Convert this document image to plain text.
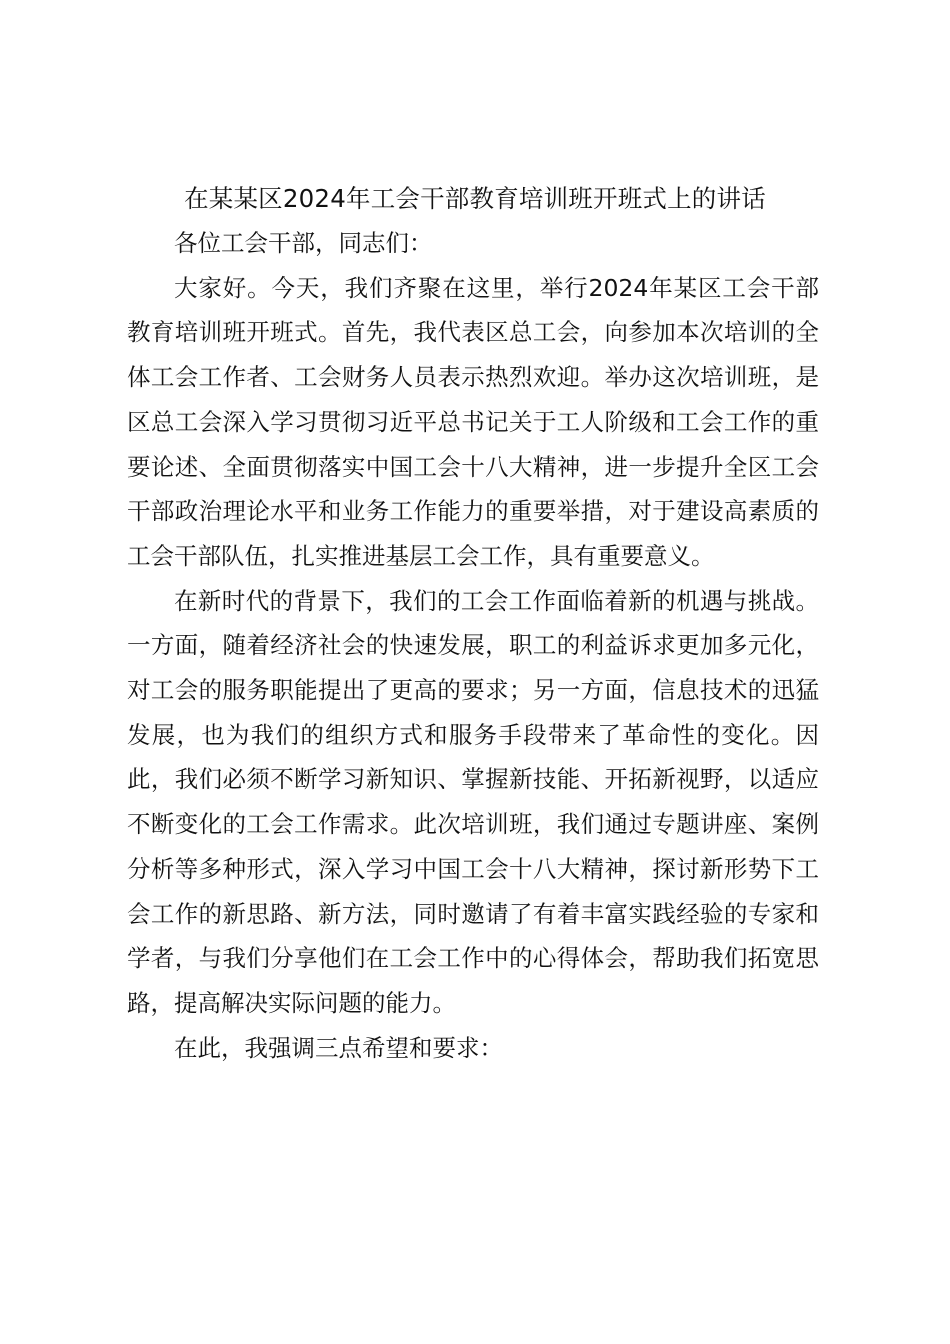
在某某区2024年工会干部教育培训班开班式上的讲话

各位工会干部，同志们：

大家好。今天，我们齐聚在这里，举行2024年某区工会干部教育培训班开班式。首先，我代表区总工会，向参加本次培训的全体工会工作者、工会财务人员表示热烈欢迎。举办这次培训班，是区总工会深入学习贯彻习近平总书记关于工人阶级和工会工作的重要论述、全面贯彻落实中国工会十八大精神，进一步提升全区工会干部政治理论水平和业务工作能力的重要举措，对于建设高素质的工会干部队伍，扎实推进基层工会工作，具有重要意义。

在新时代的背景下，我们的工会工作面临着新的机遇与挑战。一方面，随着经济社会的快速发展，职工的利益诉求更加多元化，对工会的服务职能提出了更高的要求；另一方面，信息技术的迅猛发展，也为我们的组织方式和服务手段带来了革命性的变化。因此，我们必须不断学习新知识、掌握新技能、开拓新视野，以适应不断变化的工会工作需求。此次培训班，我们通过专题讲座、案例分析等多种形式，深入学习中国工会十八大精神，探讨新形势下工会工作的新思路、新方法，同时邀请了有着丰富实践经验的专家和学者，与我们分享他们在工会工作中的心得体会，帮助我们拓宽思路，提高解决实际问题的能力。

在此，我强调三点希望和要求：
